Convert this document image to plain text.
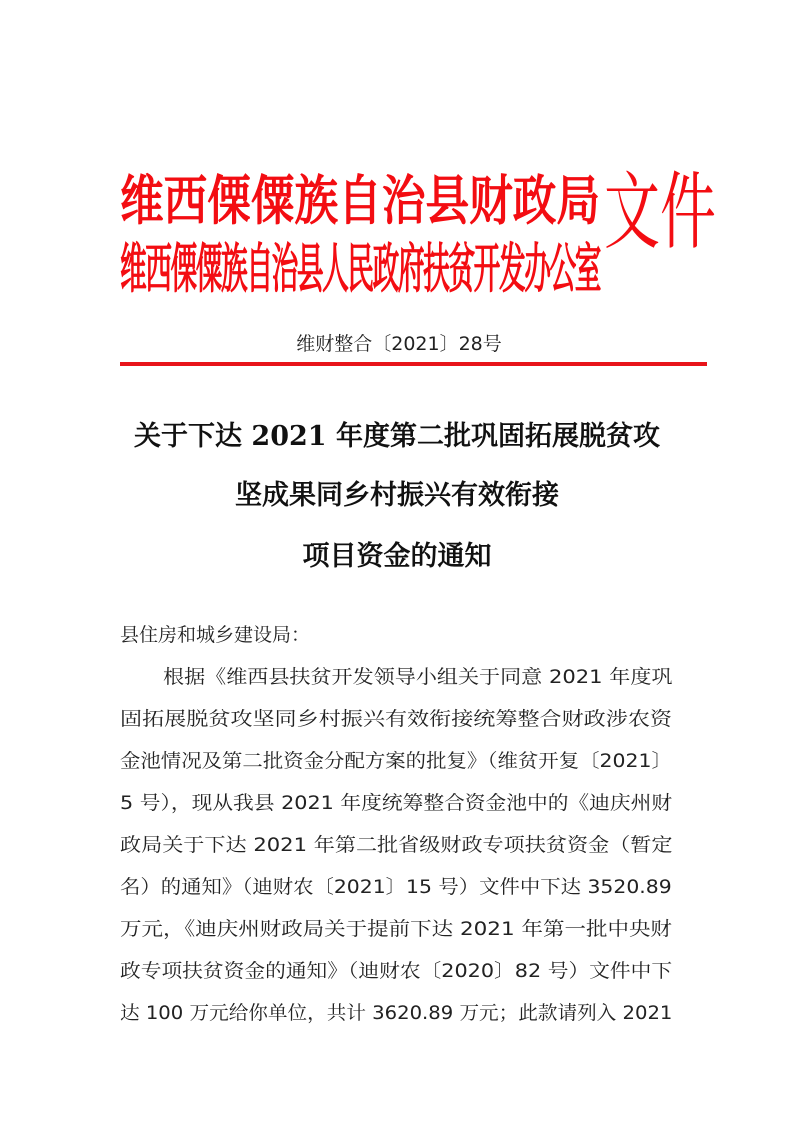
维西傈僳族自治县财政局
维西傈僳族自治县人民政府扶贫开发办公室
文件
维财整合〔2021〕28号
关于下达 2021 年度第二批巩固拓展脱贫攻
坚成果同乡村振兴有效衔接
项目资金的通知
县住房和城乡建设局：
根据《维西县扶贫开发领导小组关于同意 2021 年度巩
固拓展脱贫攻坚同乡村振兴有效衔接统筹整合财政涉农资
金池情况及第二批资金分配方案的批复》（维贫开复〔2021〕
5 号），现从我县 2021 年度统筹整合资金池中的《迪庆州财
政局关于下达 2021 年第二批省级财政专项扶贫资金（暂定
名）的通知》（迪财农〔2021〕15 号）文件中下达 3520.89
万元，《迪庆州财政局关于提前下达 2021 年第一批中央财
政专项扶贫资金的通知》（迪财农〔2020〕82 号）文件中下
达 100 万元给你单位，共计 3620.89 万元；此款请列入 2021
